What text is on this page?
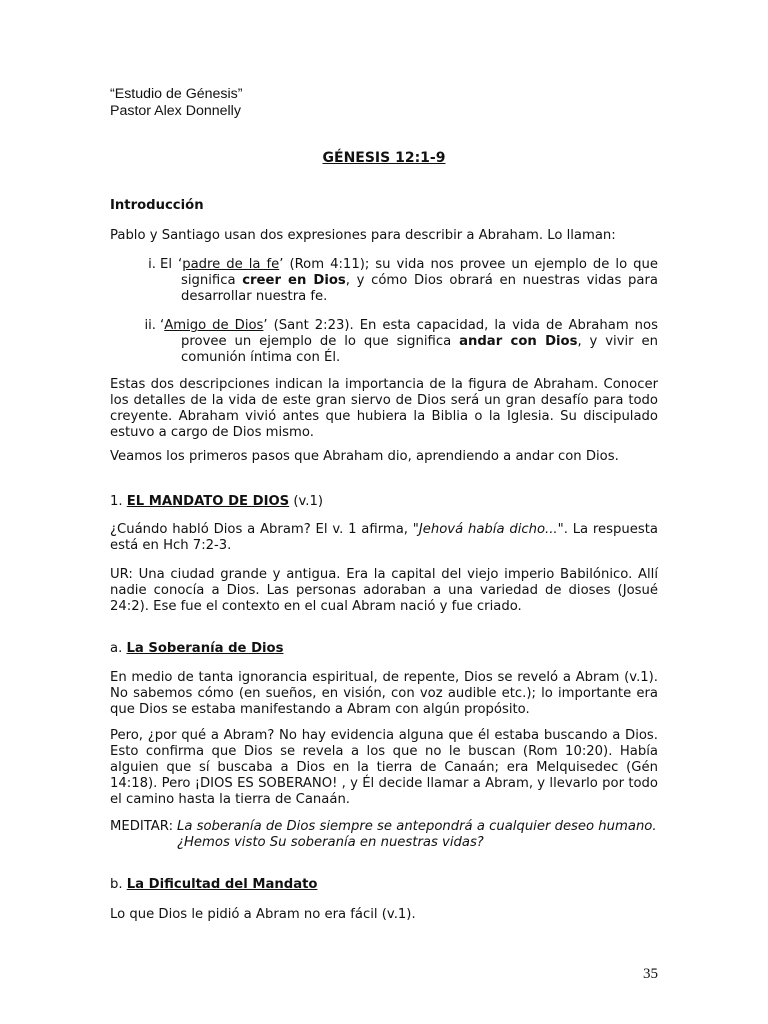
“Estudio de Génesis”
Pastor Alex Donnelly
GÉNESIS 12:1-9

Introducción

Pablo y Santiago usan dos expresiones para describir a Abraham. Lo llaman:

i. El ‘padre de la fe’ (Rom 4:11); su vida nos provee un ejemplo de lo que significa creer en Dios, y cómo Dios obrará en nuestras vidas para desarrollar nuestra fe.
ii. ‘Amigo de Dios’ (Sant 2:23). En esta capacidad, la vida de Abraham nos provee un ejemplo de lo que significa andar con Dios, y vivir en comunión íntima con Él.

Estas dos descripciones indican la importancia de la figura de Abraham. Conocer los detalles de la vida de este gran siervo de Dios será un gran desafío para todo creyente. Abraham vivió antes que hubiera la Biblia o la Iglesia. Su discipulado estuvo a cargo de Dios mismo.

Veamos los primeros pasos que Abraham dio, aprendiendo a andar con Dios.

1. EL MANDATO DE DIOS (v.1)

¿Cuándo habló Dios a Abram? El v. 1 afirma, "Jehová había dicho...". La respuesta está en Hch 7:2-3.

UR: Una ciudad grande y antigua. Era la capital del viejo imperio Babilónico. Allí nadie conocía a Dios. Las personas adoraban a una variedad de dioses (Josué 24:2). Ese fue el contexto en el cual Abram nació y fue criado.

a. La Soberanía de Dios

En medio de tanta ignorancia espiritual, de repente, Dios se reveló a Abram (v.1). No sabemos cómo (en sueños, en visión, con voz audible etc.); lo importante era que Dios se estaba manifestando a Abram con algún propósito.

Pero, ¿por qué a Abram? No hay evidencia alguna que él estaba buscando a Dios. Esto confirma que Dios se revela a los que no le buscan (Rom 10:20). Había alguien que sí buscaba a Dios en la tierra de Canaán; era Melquisedec (Gén 14:18). Pero ¡DIOS ES SOBERANO! , y Él decide llamar a Abram, y llevarlo por todo el camino hasta la tierra de Canaán.

MEDITAR: La soberanía de Dios siempre se antepondrá a cualquier deseo humano.
¿Hemos visto Su soberanía en nuestras vidas?

b. La Dificultad del Mandato

Lo que Dios le pidió a Abram no era fácil (v.1).

35
